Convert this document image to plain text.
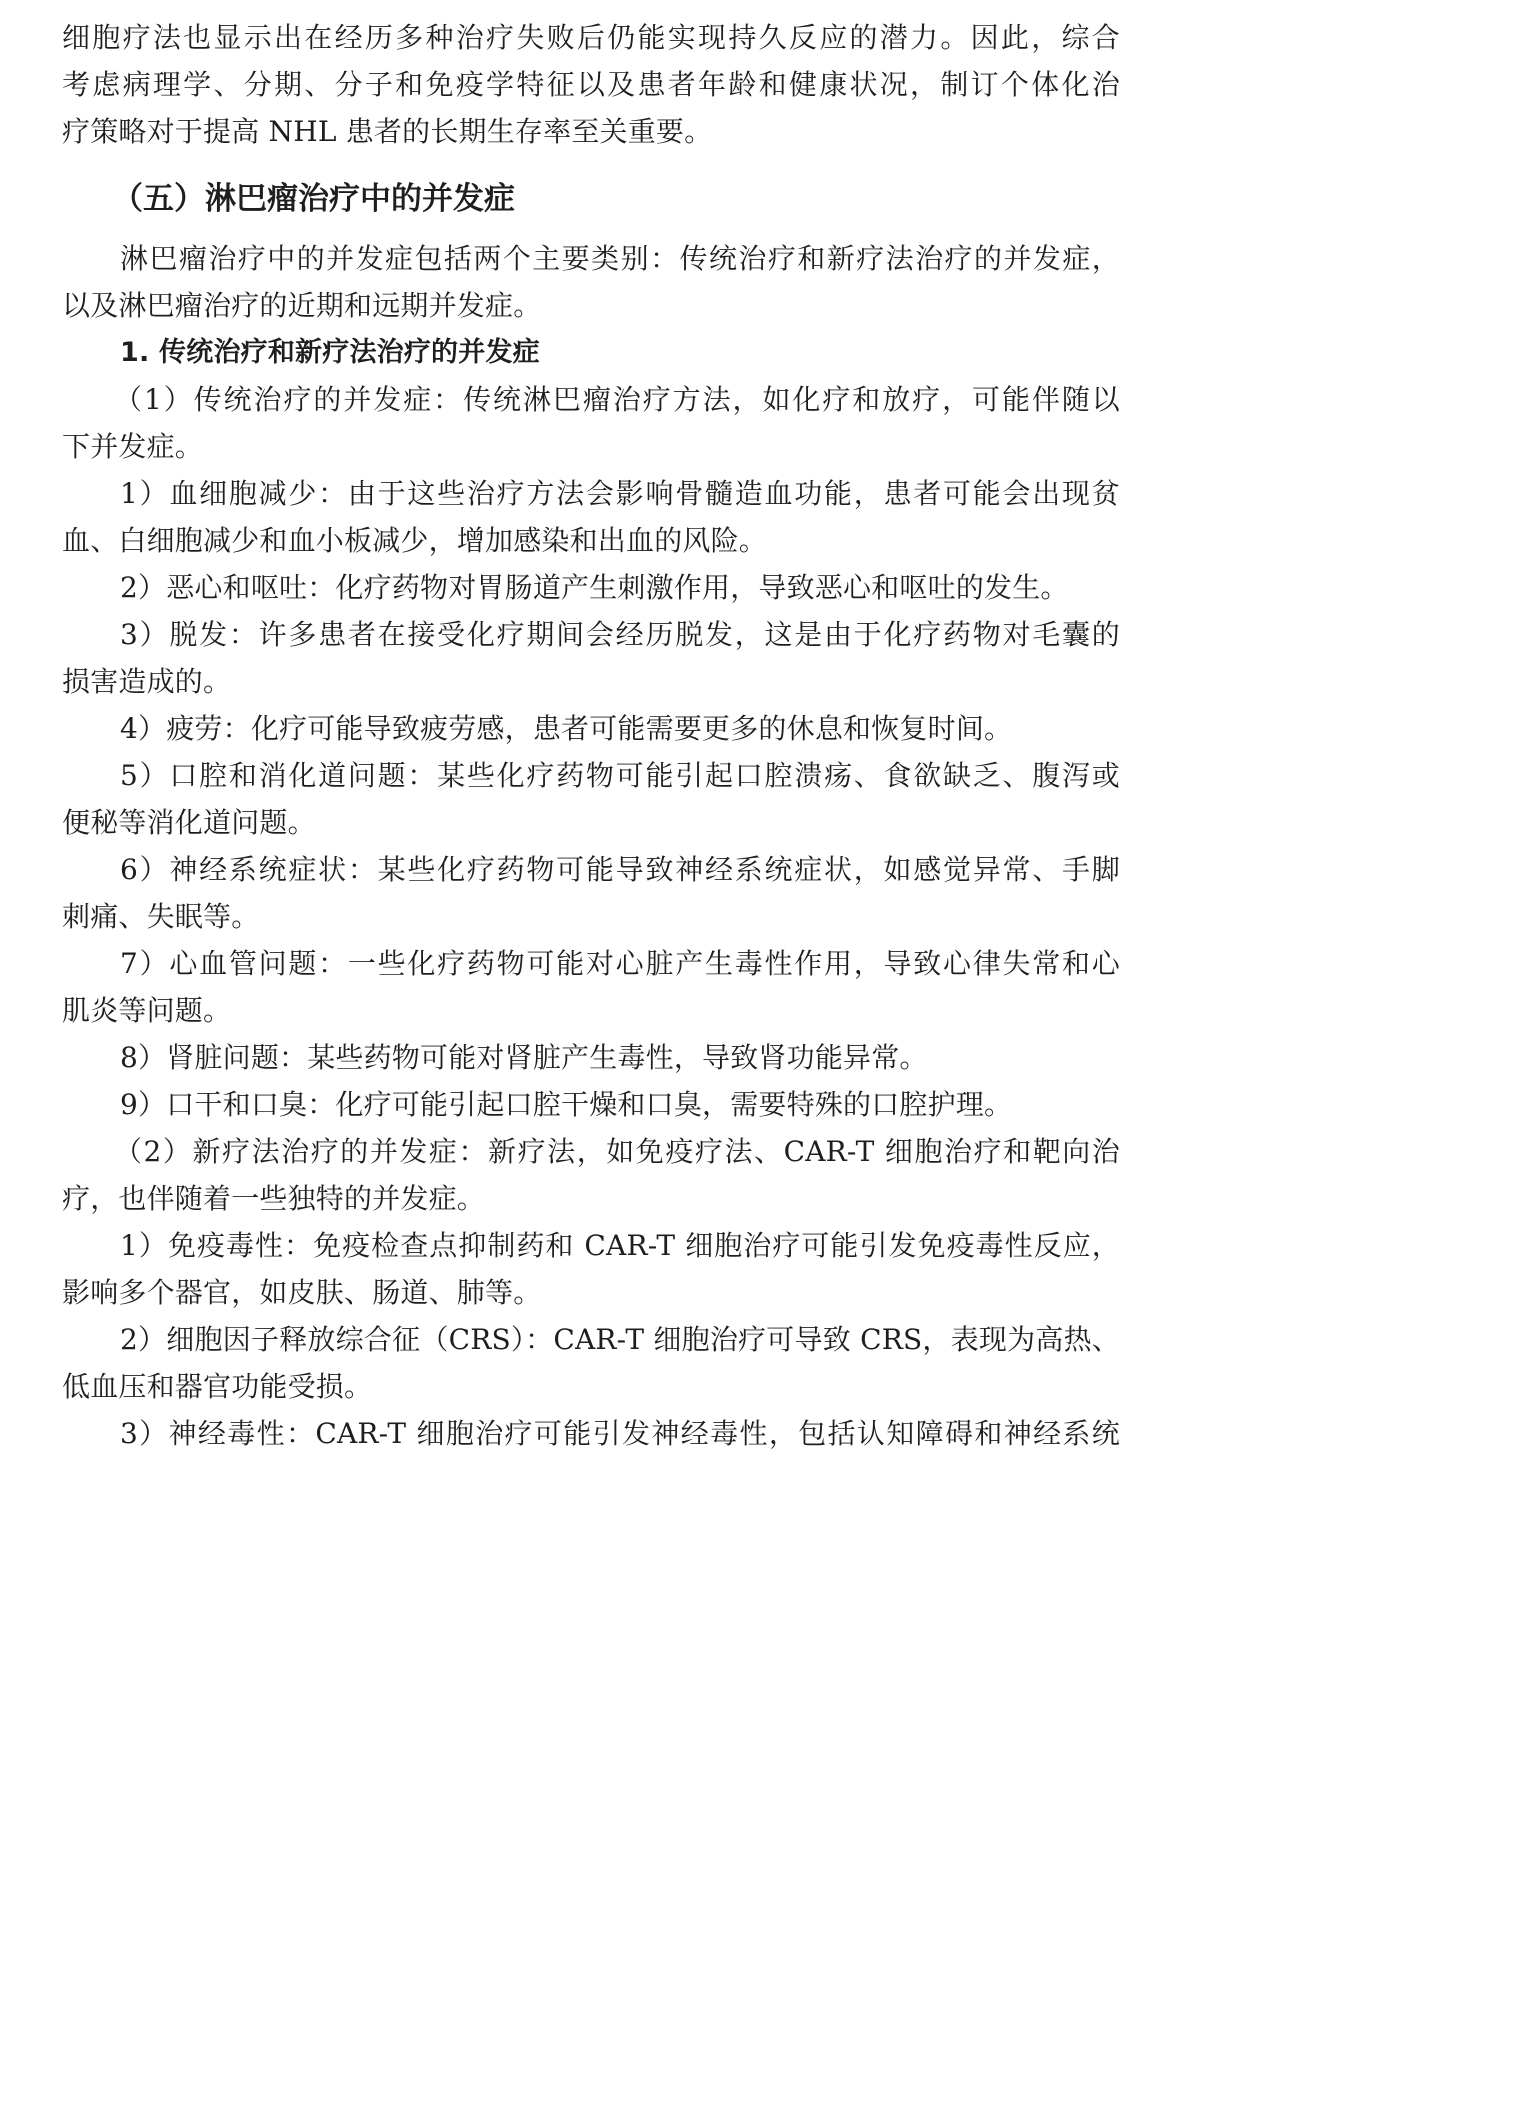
细胞疗法也显示出在经历多种治疗失败后仍能实现持久反应的潜力。因此，综合
考虑病理学、分期、分子和免疫学特征以及患者年龄和健康状况，制订个体化治
疗策略对于提高 NHL 患者的长期生存率至关重要。
（五）淋巴瘤治疗中的并发症
淋巴瘤治疗中的并发症包括两个主要类别：传统治疗和新疗法治疗的并发症，
以及淋巴瘤治疗的近期和远期并发症。
1. 传统治疗和新疗法治疗的并发症
（1）传统治疗的并发症：传统淋巴瘤治疗方法，如化疗和放疗，可能伴随以
下并发症。
1）血细胞减少：由于这些治疗方法会影响骨髓造血功能，患者可能会出现贫
血、白细胞减少和血小板减少，增加感染和出血的风险。
2）恶心和呕吐：化疗药物对胃肠道产生刺激作用，导致恶心和呕吐的发生。
3）脱发：许多患者在接受化疗期间会经历脱发，这是由于化疗药物对毛囊的
损害造成的。
4）疲劳：化疗可能导致疲劳感，患者可能需要更多的休息和恢复时间。
5）口腔和消化道问题：某些化疗药物可能引起口腔溃疡、食欲缺乏、腹泻或
便秘等消化道问题。
6）神经系统症状：某些化疗药物可能导致神经系统症状，如感觉异常、手脚
刺痛、失眠等。
7）心血管问题：一些化疗药物可能对心脏产生毒性作用，导致心律失常和心
肌炎等问题。
8）肾脏问题：某些药物可能对肾脏产生毒性，导致肾功能异常。
9）口干和口臭：化疗可能引起口腔干燥和口臭，需要特殊的口腔护理。
（2）新疗法治疗的并发症：新疗法，如免疫疗法、CAR-T 细胞治疗和靶向治
疗，也伴随着一些独特的并发症。
1）免疫毒性：免疫检查点抑制药和 CAR-T 细胞治疗可能引发免疫毒性反应，
影响多个器官，如皮肤、肠道、肺等。
2）细胞因子释放综合征（CRS）：CAR-T 细胞治疗可导致 CRS，表现为高热、
低血压和器官功能受损。
3）神经毒性：CAR-T 细胞治疗可能引发神经毒性，包括认知障碍和神经系统
